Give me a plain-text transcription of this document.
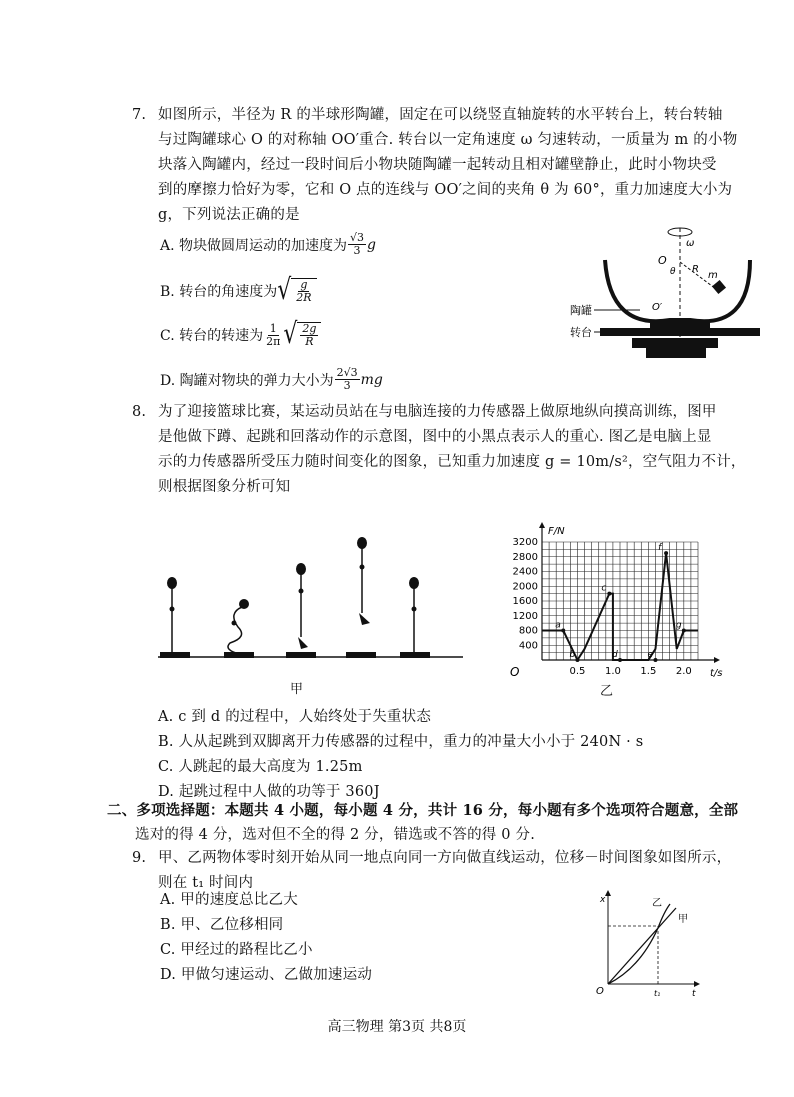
7. 如图所示，半径为 R 的半球形陶罐，固定在可以绕竖直轴旋转的水平转台上，转台转轴
与过陶罐球心 O 的对称轴 OO′重合. 转台以一定角速度 ω 匀速转动，一质量为 m 的小物
块落入陶罐内，经过一段时间后小物块随陶罐一起转动且相对罐壁静止，此时小物块受
到的摩擦力恰好为零，它和 O 点的连线与 OO′之间的夹角 θ 为 60°，重力加速度大小为
g，下列说法正确的是
A. 物块做圆周运动的加速度为 $\frac{√3}{3}$ g
B. 转台的角速度为 √ $\frac{g}{2R}$
C. 转台的转速为 $\frac{1}{2\pi}$ √ $\frac{2g}{R}$
D. 陶罐对物块的弹力大小为 $\frac{2√3}{3}$ mg
ω
O
θ R
m
O′
陶罐
转台
8. 为了迎接篮球比赛，某运动员站在与电脑连接的力传感器上做原地纵向摸高训练，图甲
是他做下蹲、起跳和回落动作的示意图，图中的小黑点表示人的重心. 图乙是电脑上显
示的力传感器所受压力随时间变化的图象，已知重力加速度 g = 10m/s²，空气阻力不计，
则根据图象分析可知
甲
F/N
t/s
O
400
800
1200
1600
2000
2400
2800
3200
0.5 1.0 1.5 2.0
a
b
c
d	e
f
g
乙
A. c 到 d 的过程中，人始终处于失重状态
B. 人从起跳到双脚离开力传感器的过程中，重力的冲量大小小于 240N · s
C. 人跳起的最大高度为 1.25m
D. 起跳过程中人做的功等于 360J
二、多项选择题：本题共 4 小题，每小题 4 分，共计 16 分，每小题有多个选项符合题意，全部
选对的得 4 分，选对但不全的得 2 分，错选或不答的得 0 分.
9. 甲、乙两物体零时刻开始从同一地点向同一方向做直线运动，位移－时间图象如图所示，
则在 t₁ 时间内
A. 甲的速度总比乙大
B. 甲、乙位移相同
C. 甲经过的路程比乙小
D. 甲做匀速运动、乙做加速运动
x
t
O	t₁
乙
甲
高三物理 第3页 共8页
